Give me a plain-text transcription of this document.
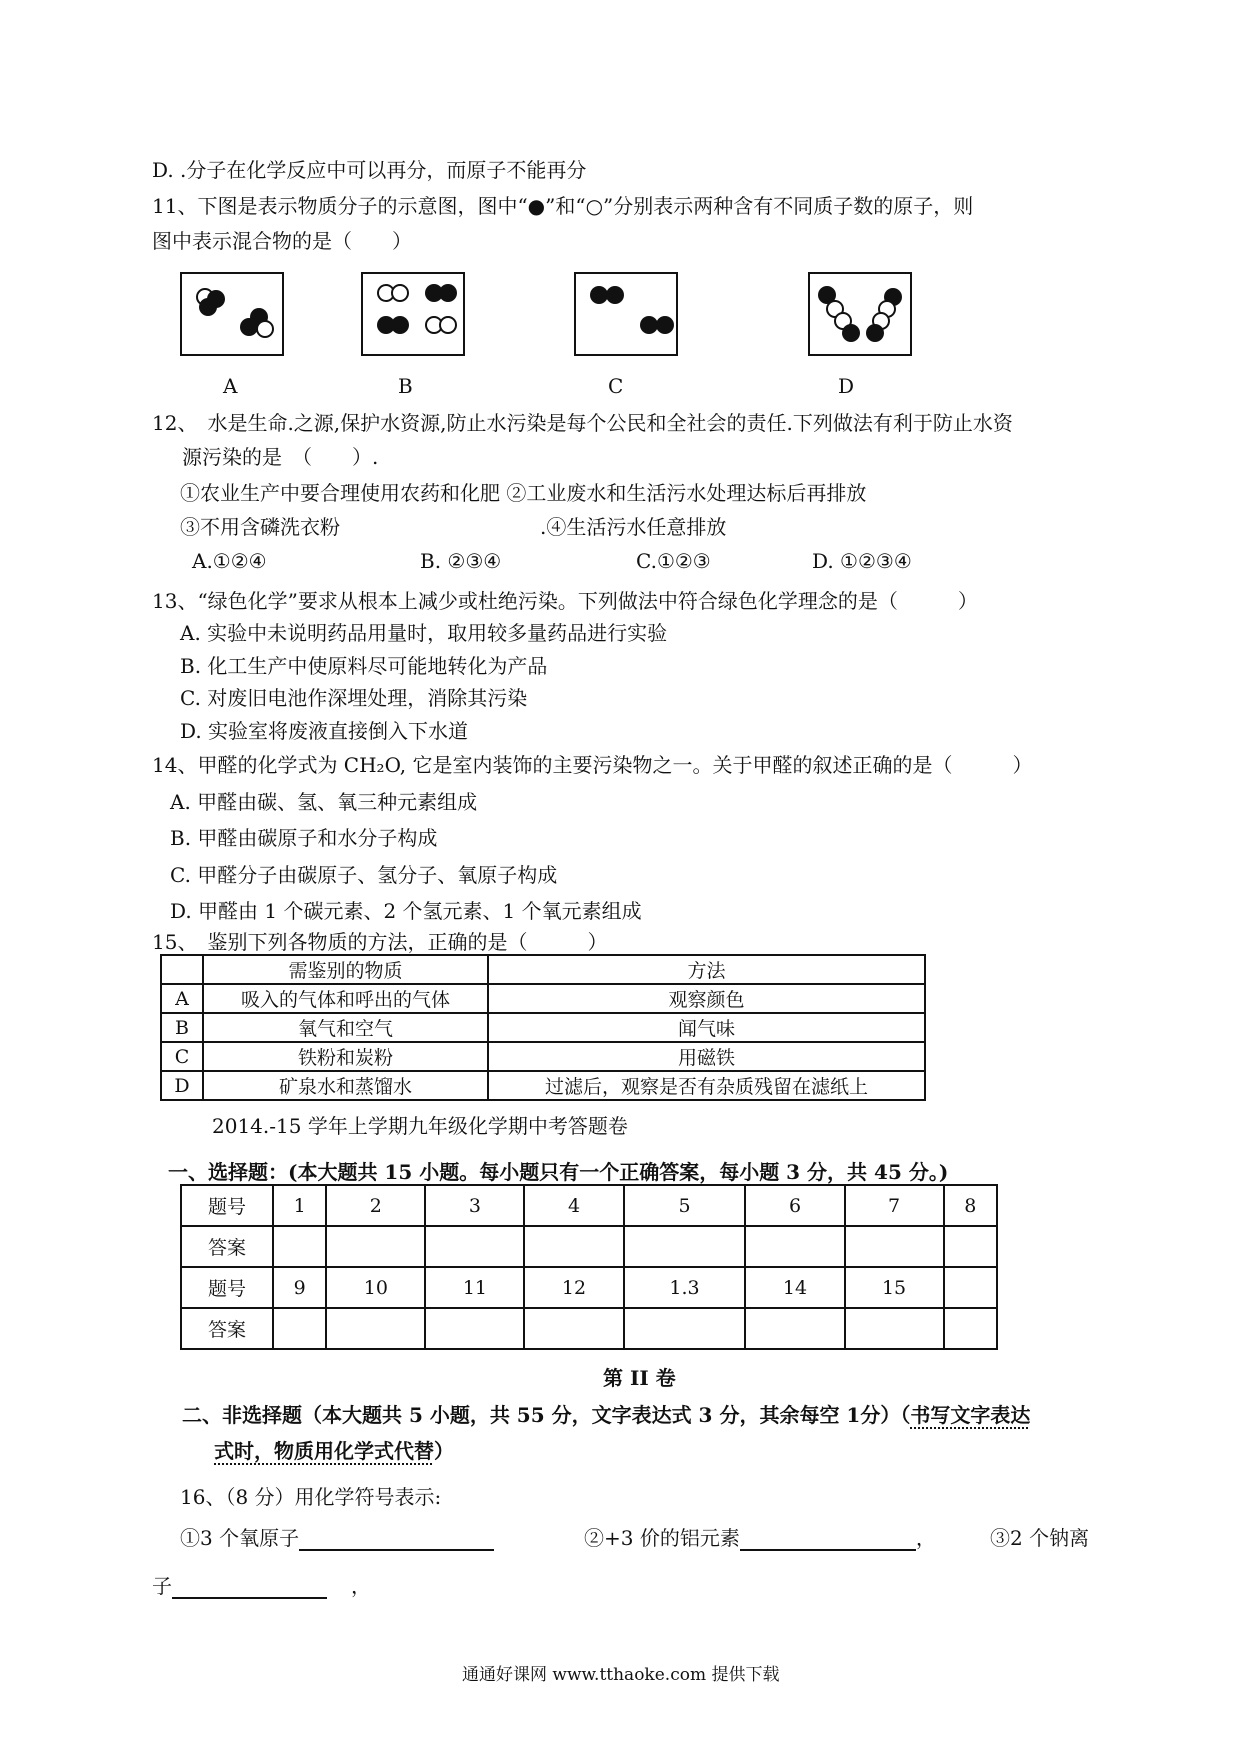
D. .分子在化学反应中可以再分，而原子不能再分
11、下图是表示物质分子的示意图，图中“●”和“○”分别表示两种含有不同质子数的原子，则
图中表示混合物的是（　　）
A	B	C	D
12、　水是生命.之源,保护水资源,防止水污染是每个公民和全社会的责任.下列做法有利于防止水资
源污染的是　（　　）.
①农业生产中要合理使用农药和化肥 ②工业废水和生活污水处理达标后再排放
③不用含磷洗衣粉	.④生活污水任意排放
A.①②④	B. ②③④	C.①②③	D. ①②③④
13、“绿色化学”要求从根本上减少或杜绝污染。下列做法中符合绿色化学理念的是（　　　）
A. 实验中未说明药品用量时，取用较多量药品进行实验
B. 化工生产中使原料尽可能地转化为产品
C. 对废旧电池作深埋处理，消除其污染
D. 实验室将废液直接倒入下水道
14、甲醛的化学式为 CH₂O, 它是室内装饰的主要污染物之一。关于甲醛的叙述正确的是（　　　）
A. 甲醛由碳、氢、氧三种元素组成
B. 甲醛由碳原子和水分子构成
C. 甲醛分子由碳原子、氢分子、氧原子构成
D. 甲醛由 1 个碳元素、2 个氢元素、1 个氧元素组成
15、　鉴别下列各物质的方法，正确的是（　　　）
	需鉴别的物质	方法
A	吸入的气体和呼出的气体	观察颜色
B	氧气和空气	闻气味
C	铁粉和炭粉	用磁铁
D	矿泉水和蒸馏水	过滤后，观察是否有杂质残留在滤纸上
2014.-15 学年上学期九年级化学期中考答题卷
一、选择题：(本大题共 15 小题。每小题只有一个正确答案，每小题 3 分，共 45 分。)
题号	1	2	3	4	5	6	7	8
答案								
题号	9	10	11	12	1.3	14	15	
答案								
第 II 卷
二、非选择题（本大题共 5 小题，共 55 分，文字表达式 3 分，其余每空 1分）（书写文字表达
式时，物质用化学式代替）
16、（8 分）用化学符号表示:
①3 个氧原子	②+3 价的铝元素	，	③2 个钠离
子	，
通通好课网 www.tthaoke.com 提供下载
